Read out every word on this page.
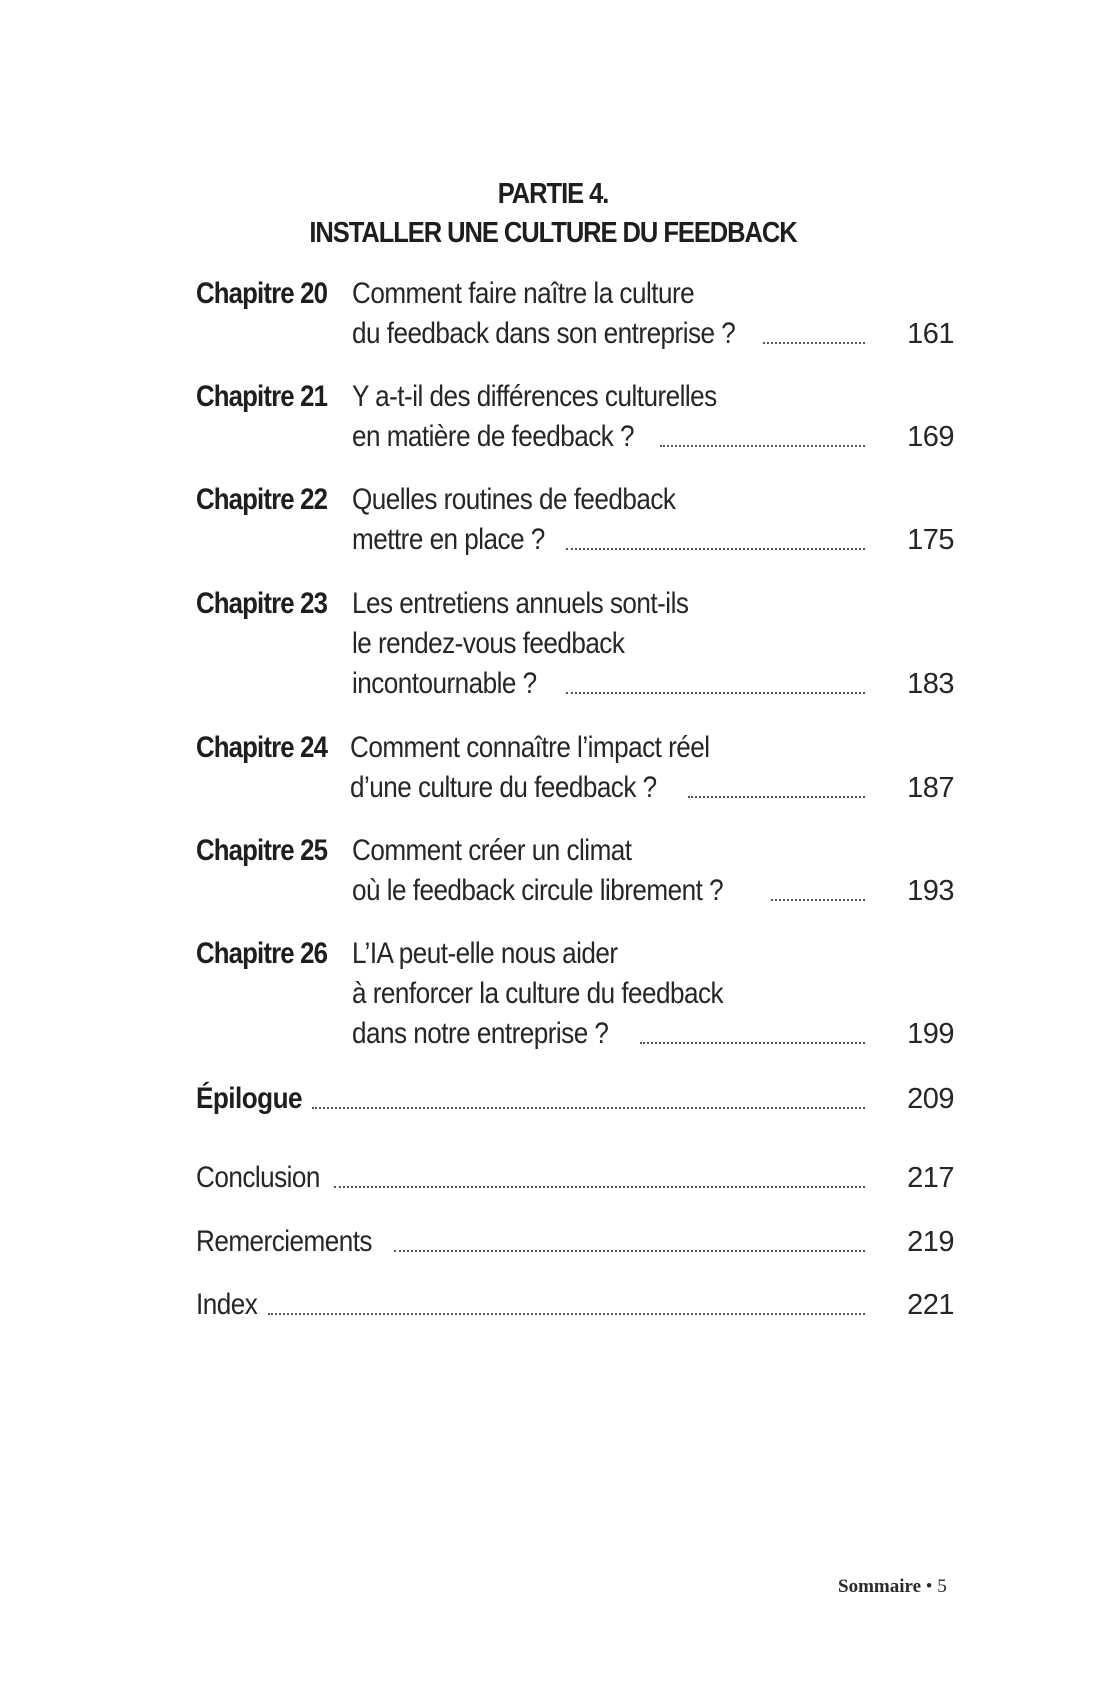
PARTIE 4.
INSTALLER UNE CULTURE DU FEEDBACK
Chapitre 20 Comment faire naître la culture
du feedback dans son entreprise ?	161
Chapitre 21 Y a-t-il des différences culturelles
en matière de feedback ?	169
Chapitre 22 Quelles routines de feedback
mettre en place ?	175
Chapitre 23 Les entretiens annuels sont-ils
le rendez-vous feedback
incontournable ?	183
Chapitre 24 Comment connaître l’impact réel
d’une culture du feedback ?	187
Chapitre 25 Comment créer un climat
où le feedback circule librement ?	193
Chapitre 26 L’IA peut-elle nous aider
à renforcer la culture du feedback
dans notre entreprise ?	199
Épilogue	209
Conclusion	217
Remerciements	219
Index	221
Sommaire • 5
